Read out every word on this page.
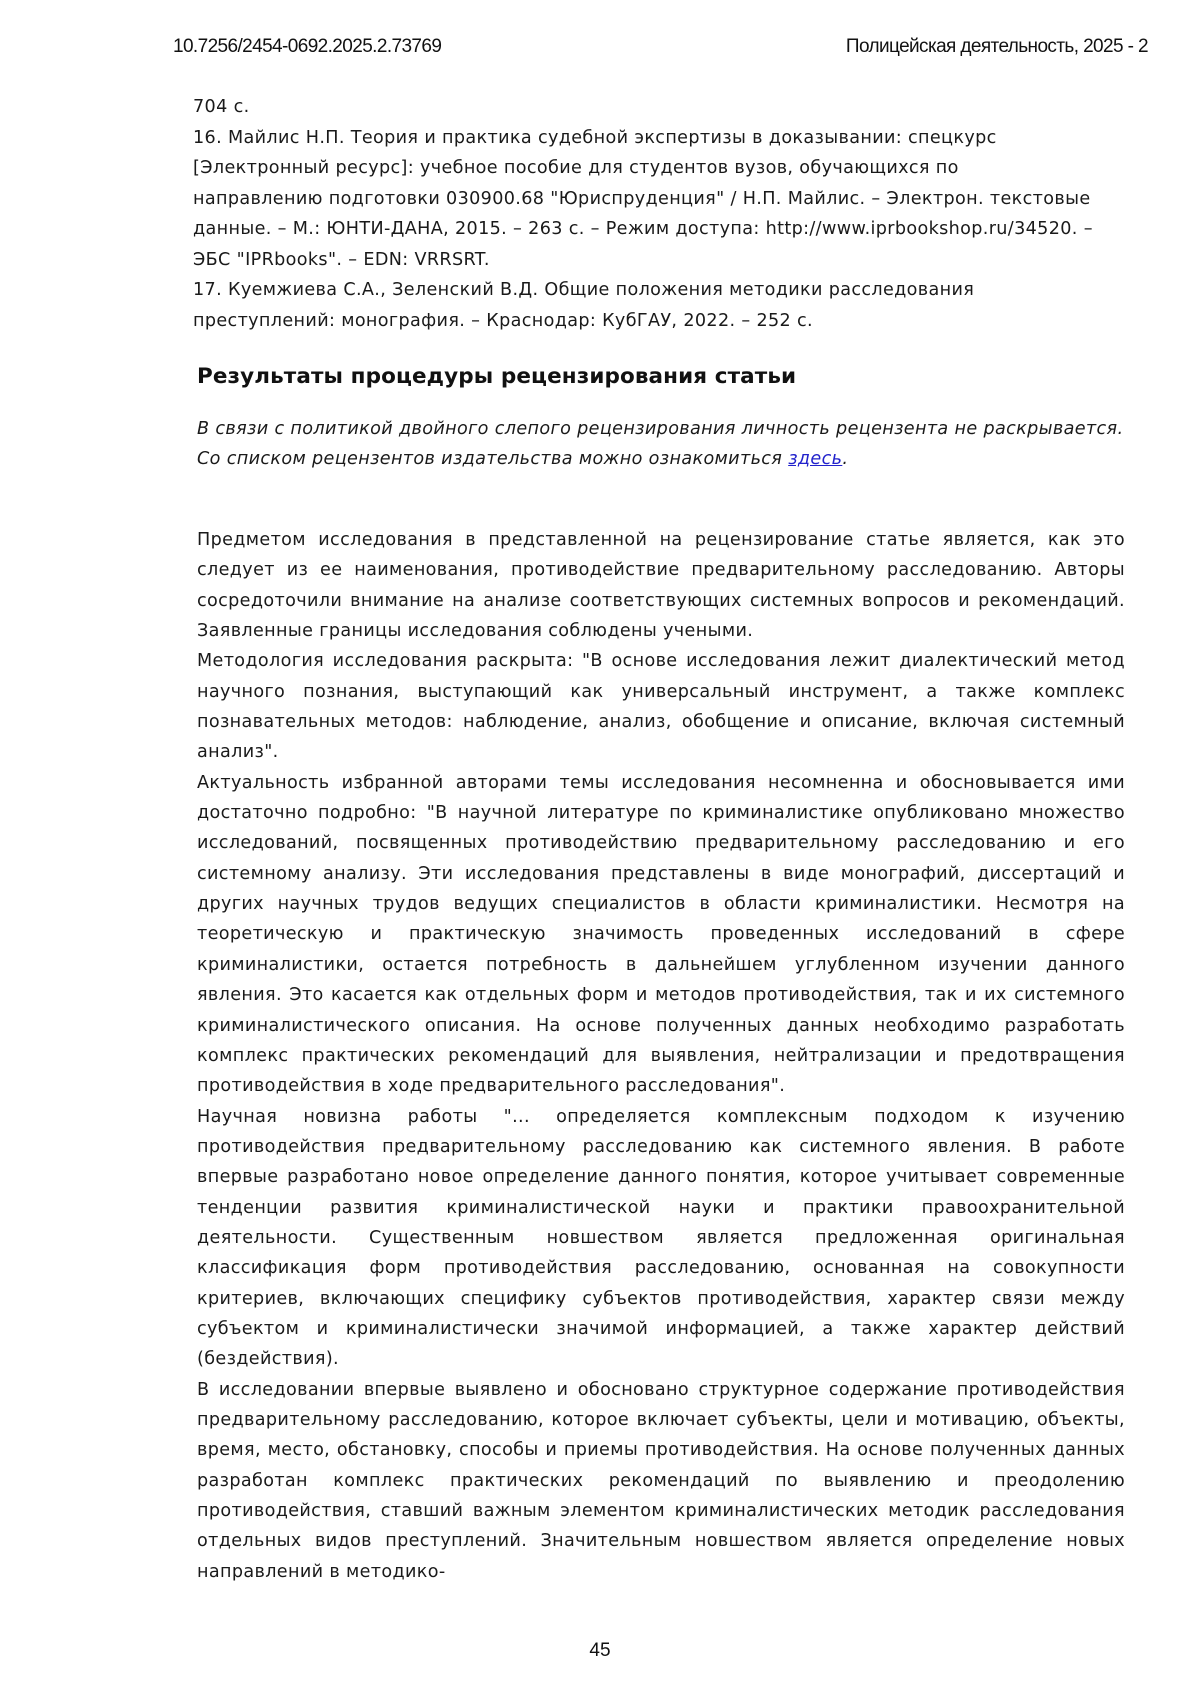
10.7256/2454-0692.2025.2.73769	Полицейская деятельность, 2025 - 2

704 с.

16. Майлис Н.П. Теория и практика судебной экспертизы в доказывании: спецкурс [Электронный ресурс]: учебное пособие для студентов вузов, обучающихся по направлению подготовки 030900.68 "Юриспруденция" / Н.П. Майлис. – Электрон. текстовые данные. – М.: ЮНТИ-ДАНА, 2015. – 263 с. – Режим доступа: http://www.iprbookshop.ru/34520. – ЭБС "IPRbooks". – EDN: VRRSRT.

17. Куемжиева С.А., Зеленский В.Д. Общие положения методики расследования преступлений: монография. – Краснодар: КубГАУ, 2022. – 252 с.

Результаты процедуры рецензирования статьи

В связи с политикой двойного слепого рецензирования личность рецензента не раскрывается.

Со списком рецензентов издательства можно ознакомиться здесь.

Предметом исследования в представленной на рецензирование статье является, как это следует из ее наименования, противодействие предварительному расследованию. Авторы сосредоточили внимание на анализе соответствующих системных вопросов и рекомендаций. Заявленные границы исследования соблюдены учеными.

Методология исследования раскрыта: "В основе исследования лежит диалектический метод научного познания, выступающий как универсальный инструмент, а также комплекс познавательных методов: наблюдение, анализ, обобщение и описание, включая системный анализ".

Актуальность избранной авторами темы исследования несомненна и обосновывается ими достаточно подробно: "В научной литературе по криминалистике опубликовано множество исследований, посвященных противодействию предварительному расследованию и его системному анализу. Эти исследования представлены в виде монографий, диссертаций и других научных трудов ведущих специалистов в области криминалистики. Несмотря на теоретическую и практическую значимость проведенных исследований в сфере криминалистики, остается потребность в дальнейшем углубленном изучении данного явления. Это касается как отдельных форм и методов противодействия, так и их системного криминалистического описания. На основе полученных данных необходимо разработать комплекс практических рекомендаций для выявления, нейтрализации и предотвращения противодействия в ходе предварительного расследования".

Научная новизна работы "... определяется комплексным подходом к изучению противодействия предварительному расследованию как системного явления. В работе впервые разработано новое определение данного понятия, которое учитывает современные тенденции развития криминалистической науки и практики правоохранительной деятельности. Существенным новшеством является предложенная оригинальная классификация форм противодействия расследованию, основанная на совокупности критериев, включающих специфику субъектов противодействия, характер связи между субъектом и криминалистически значимой информацией, а также характер действий (бездействия).

В исследовании впервые выявлено и обосновано структурное содержание противодействия предварительному расследованию, которое включает субъекты, цели и мотивацию, объекты, время, место, обстановку, способы и приемы противодействия. На основе полученных данных разработан комплекс практических рекомендаций по выявлению и преодолению противодействия, ставший важным элементом криминалистических методик расследования отдельных видов преступлений. Значительным новшеством является определение новых направлений в методико-

45
